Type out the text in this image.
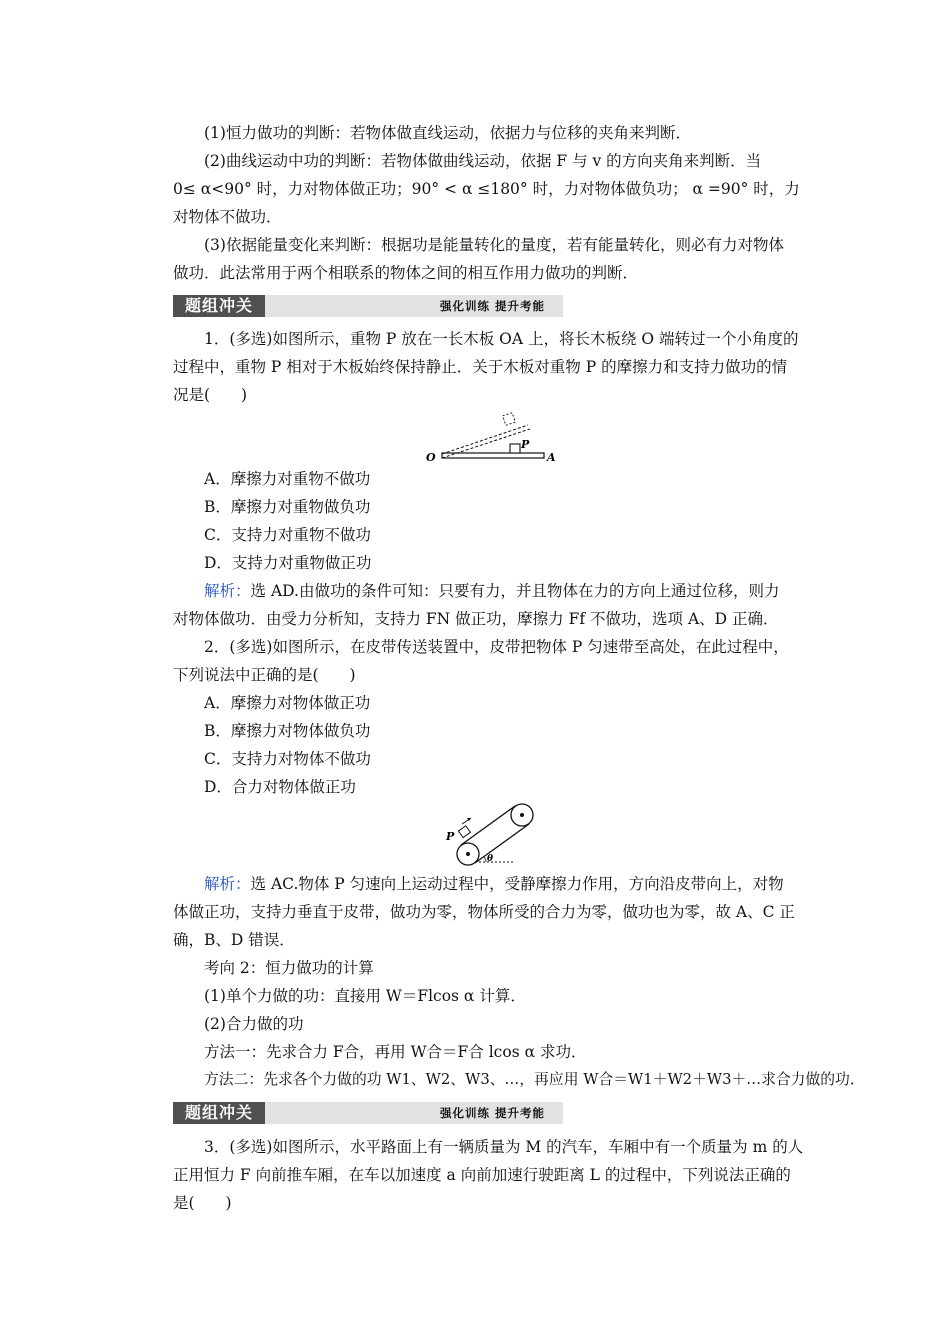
(1)恒力做功的判断：若物体做直线运动，依据力与位移的夹角来判断．
(2)曲线运动中功的判断：若物体做曲线运动，依据 F 与 v 的方向夹角来判断．当
0≤ α<90° 时，力对物体做正功；90° < α ≤180° 时，力对物体做负功； α =90° 时，力
对物体不做功．
(3)依据能量变化来判断：根据功是能量转化的量度，若有能量转化，则必有力对物体
做功．此法常用于两个相联系的物体之间的相互作用力做功的判断．
题组冲关	强化训练 提升考能
1．(多选)如图所示，重物 P 放在一长木板 OA 上，将长木板绕 O 端转过一个小角度的
过程中，重物 P 相对于木板始终保持静止．关于木板对重物 P 的摩擦力和支持力做功的情
况是(　　)
P
O	A
A．摩擦力对重物不做功
B．摩擦力对重物做负功
C．支持力对重物不做功
D．支持力对重物做正功
解析：选 AD.由做功的条件可知：只要有力，并且物体在力的方向上通过位移，则力
对物体做功．由受力分析知，支持力 FN 做正功，摩擦力 Ff 不做功，选项 A、D 正确．
2．(多选)如图所示，在皮带传送装置中，皮带把物体 P 匀速带至高处，在此过程中，
下列说法中正确的是(　　)
A．摩擦力对物体做正功
B．摩擦力对物体做负功
C．支持力对物体不做功
D．合力对物体做正功
θ
P
解析：选 AC.物体 P 匀速向上运动过程中，受静摩擦力作用，方向沿皮带向上，对物
体做正功，支持力垂直于皮带，做功为零，物体所受的合力为零，做功也为零，故 A、C 正
确，B、D 错误．
考向 2：恒力做功的计算
(1)单个力做的功：直接用 W＝Flcos α 计算．
(2)合力做的功
方法一：先求合力 F合，再用 W合＝F合 lcos α 求功．
方法二：先求各个力做的功 W1、W2、W3、…，再应用 W合＝W1＋W2＋W3＋…求合力做的功．
题组冲关	强化训练 提升考能
3．(多选)如图所示，水平路面上有一辆质量为 M 的汽车，车厢中有一个质量为 m 的人
正用恒力 F 向前推车厢，在车以加速度 a 向前加速行驶距离 L 的过程中，下列说法正确的
是(　　)
